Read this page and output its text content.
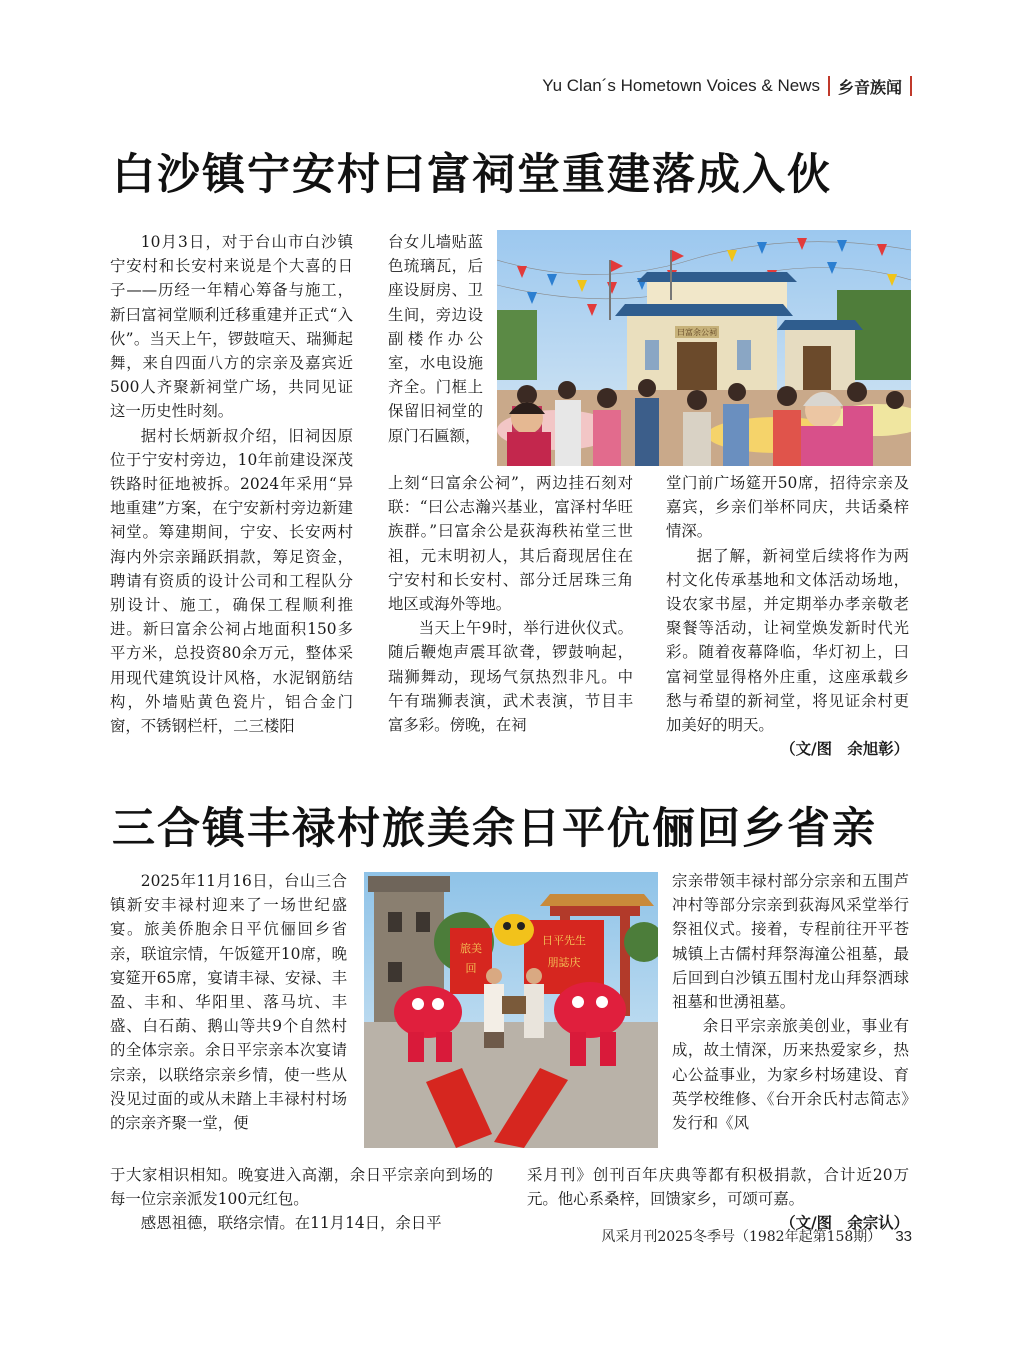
Yu Clan´s Hometown Voices & News 乡音族闻
白沙镇宁安村曰富祠堂重建落成入伙

10月3日，对于台山市白沙镇宁安村和长安村来说是个大喜的日子——历经一年精心筹备与施工，新曰富祠堂顺利迁移重建并正式“入伙”。当天上午，锣鼓喧天、瑞狮起舞，来自四面八方的宗亲及嘉宾近500人齐聚新祠堂广场，共同见证这一历史性时刻。

据村长炳新叔介绍，旧祠因原位于宁安村旁边，10年前建设深茂铁路时征地被拆。2024年采用“异地重建”方案，在宁安新村旁边新建祠堂。筹建期间，宁安、长安两村海内外宗亲踊跃捐款，筹足资金，聘请有资质的设计公司和工程队分别设计、施工，确保工程顺利推进。新曰富余公祠占地面积150多平方米，总投资80余万元，整体采用现代建筑设计风格，水泥钢筋结构，外墙贴黄色瓷片，铝合金门窗，不锈钢栏杆，二三楼阳

台女儿墙贴蓝色琉璃瓦，后座设厨房、卫生间，旁边设副楼作办公室，水电设施齐全。门框上保留旧祠堂的原门石匾额，

上刻“曰富余公祠”，两边挂石刻对联：“曰公志瀚兴基业，富泽村华旺族群。”曰富余公是荻海秩祐堂三世祖，元末明初人，其后裔现居住在宁安村和长安村、部分迁居珠三角地区或海外等地。

当天上午9时，举行进伙仪式。随后鞭炮声震耳欲聋，锣鼓响起，瑞狮舞动，现场气氛热烈非凡。中午有瑞狮表演，武术表演，节目丰富多彩。傍晚，在祠

堂门前广场筵开50席，招待宗亲及嘉宾，乡亲们举杯同庆，共话桑梓情深。

据了解，新祠堂后续将作为两村文化传承基地和文体活动场地，设农家书屋，并定期举办孝亲敬老聚餐等活动，让祠堂焕发新时代光彩。随着夜幕降临，华灯初上，曰富祠堂显得格外庄重，这座承载乡愁与希望的新祠堂，将见证余村更加美好的明天。

（文/图　余旭彰）

曰富余公祠
三合镇丰禄村旅美余日平伉俪回乡省亲

2025年11月16日，台山三合镇新安丰禄村迎来了一场世纪盛宴。旅美侨胞余日平伉俪回乡省亲，联谊宗情，午饭筵开10席，晚宴筵开65席，宴请丰禄、安禄、丰盈、丰和、华阳里、落马坑、丰盛、白石蓢、鹅山等共9个自然村的全体宗亲。余日平宗亲本次宴请宗亲，以联络宗亲乡情，使一些从没见过面的或从未踏上丰禄村村场的宗亲齐聚一堂，便

于大家相识相知。晚宴进入高潮，余日平宗亲向到场的每一位宗亲派发100元红包。

感恩祖德，联络宗情。在11月14日，余日平

宗亲带领丰禄村部分宗亲和五围芦冲村等部分宗亲到荻海风采堂举行祭祖仪式。接着，专程前往开平苍城镇上古儒村拜祭海潼公祖墓，最后回到白沙镇五围村龙山拜祭洒球祖墓和世湧祖墓。

余日平宗亲旅美创业，事业有成，故土情深，历来热爱家乡，热心公益事业，为家乡村场建设、育英学校维修、《台开余氏村志简志》发行和《风

采月刊》创刊百年庆典等都有积极捐款，合计近20万元。他心系桑梓，回馈家乡，可颂可嘉。

（文/图　余宗认）

旅美
回
日平先生
朋誌庆
风采月刊2025冬季号（1982年起第158期） 33
